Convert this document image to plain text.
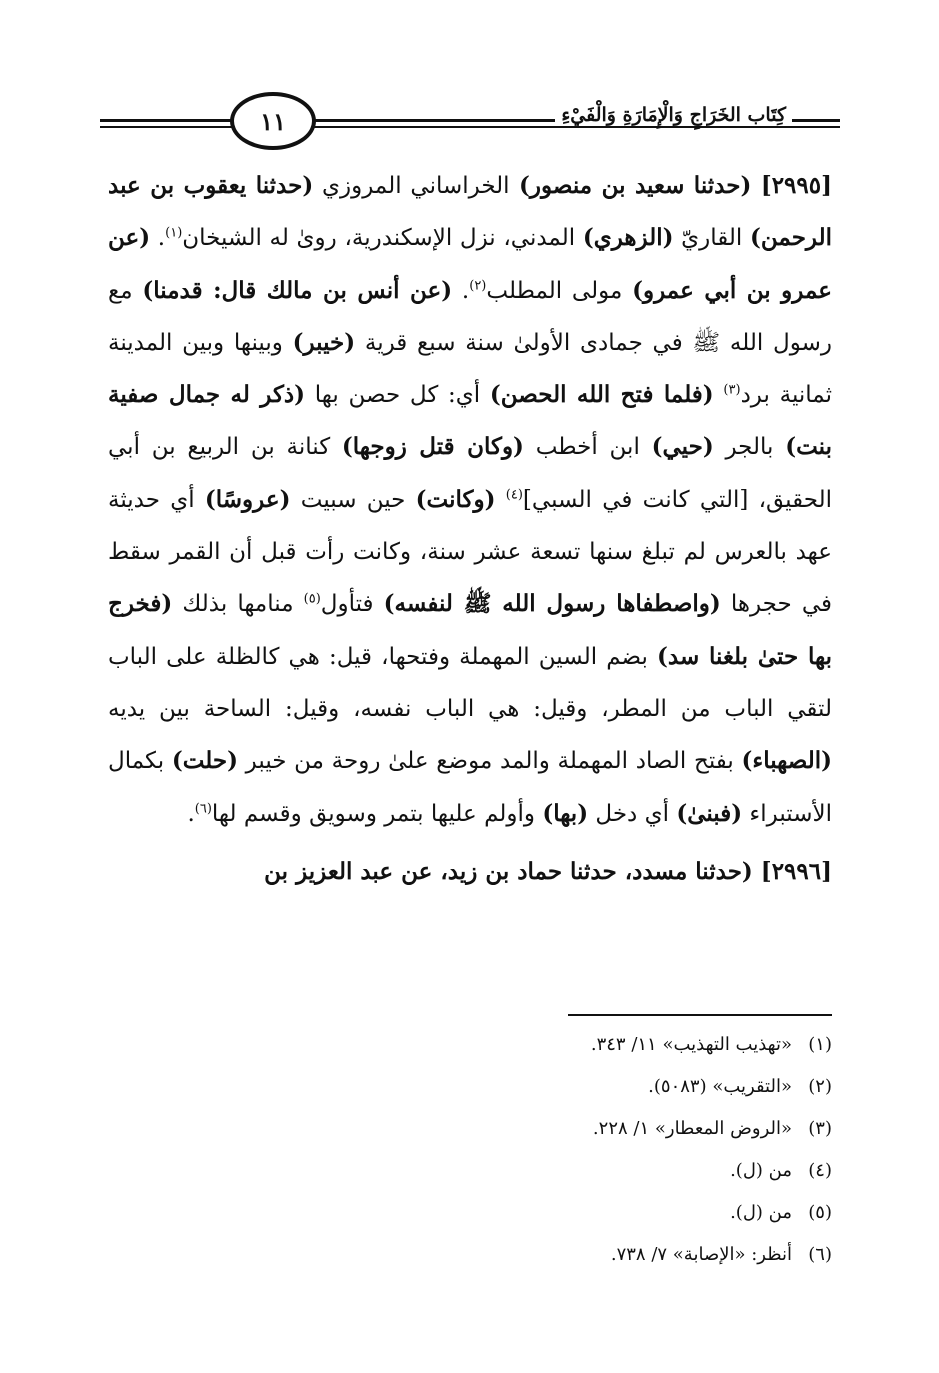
١١	كِتَاب الخَرَاجِ وَالْإِمَارَةِ وَالْفَيْءِ

[٢٩٩٥] (حدثنا سعيد بن منصور) الخراساني المروزي (حدثنا يعقوب بن عبد الرحمن) القاريّ (الزهري) المدني، نزل الإسكندرية، رویٰ له الشيخان$^{(١)}$. (عن عمرو بن أبي عمرو) مولى المطلب$^{(٢)}$. (عن أنس بن مالك قال: قدمنا) مع رسول الله ﷺ في جمادى الأولىٰ سنة سبع قرية (خيبر) وبينها وبين المدينة ثمانية برد$^{(٣)}$ (فلما فتح الله الحصن) أي: كل حصن بها (ذكر له جمال صفية بنت) بالجر (حيي) ابن أخطب (وكان قتل زوجها) كنانة بن الربيع بن أبي الحقيق، [التي كانت في السبي]$^{(٤)}$ (وكانت) حين سبيت (عروسًا) أي حديثة عهد بالعرس لم تبلغ سنها تسعة عشر سنة، وكانت رأت قبل أن القمر سقط في حجرها (واصطفاها رسول الله ﷺ لنفسه) فتأول$^{(٥)}$ منامها بذلك (فخرج بها حتىٰ بلغنا سد) بضم السين المهملة وفتحها، قيل: هي كالظلة على الباب لتقي الباب من المطر، وقيل: هي الباب نفسه، وقيل: الساحة بين يديه (الصهباء) بفتح الصاد المهملة والمد موضع علىٰ روحة من خيبر (حلت) بكمال الأستبراء (فبنىٰ) أي دخل (بها) وأولم عليها بتمر وسويق وقسم لها$^{(٦)}$.

[٢٩٩٦] (حدثنا مسدد، حدثنا حماد بن زيد، عن عبد العزيز بن

(١)«تهذيب التهذيب» ١١/ ٣٤٣.

(٢)«التقريب» (٥٠٨٣).

(٣)«الروض المعطار» ١/ ٢٢٨.

(٤)من (ل).

(٥)من (ل).

(٦)أنظر: «الإصابة» ٧/ ٧٣٨.
